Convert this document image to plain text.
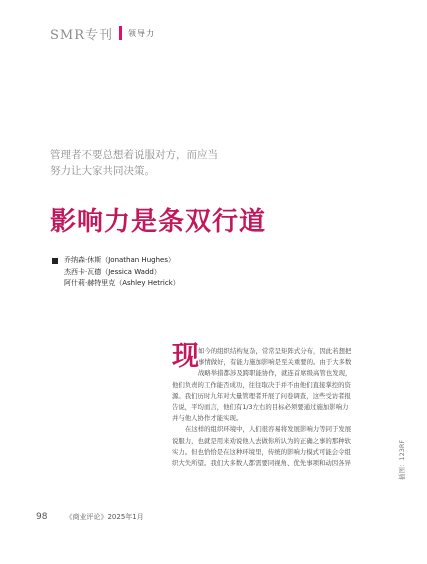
SMR专刊 领导力
管理者不要总想着说服对方，而应当
努力让大家共同决策。
影响力是条双行道
乔纳森·休斯（Jonathan Hughes）
杰西卡·瓦德（Jessica Wadd）
阿什莉·赫特里克（Ashley Hetrick）
现 如今的组织结构复杂，常常呈矩阵式分布，因此若想把
事情做好，有能力施加影响是至关重要的。由于大多数
战略举措都涉及跨职能协作，就连首席级高管也发现，
他们负责的工作能否成功，往往取决于并不由他们直接掌控的资
源。我们历时九年对大量管理者开展了问卷调查，这些受访者报
告说，平均而言，他们有1/3左右的目标必须要通过施加影响力
并与他人协作才能实现。
在这样的组织环境中，人们很容易将发展影响力等同于发展
说服力，也就是用来劝说他人去做你所认为的正确之事的那种软
实力。但也恰恰是在这种环境里，传统的影响力模式可能会令组
织大失所望。我们大多数人都需要同视角、优先事项和动因各异	插图：123RF
98	《商业评论》2025年1月
